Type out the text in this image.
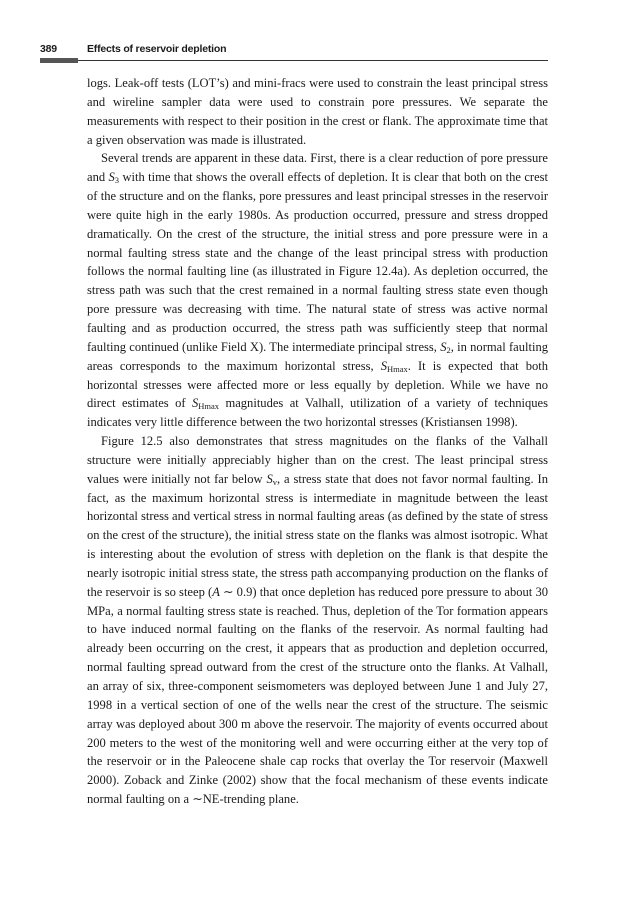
389	Effects of reservoir depletion

logs. Leak-off tests (LOT’s) and mini-fracs were used to constrain the least principal stress and wireline sampler data were used to constrain pore pressures. We separate the measurements with respect to their position in the crest or flank. The approximate time that a given observation was made is illustrated.

Several trends are apparent in these data. First, there is a clear reduction of pore pressure and $S_3$ with time that shows the overall effects of depletion. It is clear that both on the crest of the structure and on the flanks, pore pressures and least principal stresses in the reservoir were quite high in the early 1980s. As production occurred, pressure and stress dropped dramatically. On the crest of the structure, the initial stress and pore pressure were in a normal faulting stress state and the change of the least principal stress with production follows the normal faulting line (as illustrated in Figure 12.4a). As depletion occurred, the stress path was such that the crest remained in a normal faulting stress state even though pore pressure was decreasing with time. The natural state of stress was active normal faulting and as production occurred, the stress path was sufficiently steep that normal faulting continued (unlike Field X). The intermediate principal stress, $S_2$, in normal faulting areas corresponds to the maximum horizontal stress, $S_{Hmax}$. It is expected that both horizontal stresses were affected more or less equally by depletion. While we have no direct estimates of $S_{Hmax}$ magnitudes at Valhall, utilization of a variety of techniques indicates very little difference between the two horizontal stresses (Kristiansen 1998).

Figure 12.5 also demonstrates that stress magnitudes on the flanks of the Valhall structure were initially appreciably higher than on the crest. The least principal stress values were initially not far below $S_v$, a stress state that does not favor normal faulting. In fact, as the maximum horizontal stress is intermediate in magnitude between the least horizontal stress and vertical stress in normal faulting areas (as defined by the state of stress on the crest of the structure), the initial stress state on the flanks was almost isotropic. What is interesting about the evolution of stress with depletion on the flank is that despite the nearly isotropic initial stress state, the stress path accompanying production on the flanks of the reservoir is so steep (A ∼ 0.9) that once depletion has reduced pore pressure to about 30 MPa, a normal faulting stress state is reached. Thus, depletion of the Tor formation appears to have induced normal faulting on the flanks of the reservoir. As normal faulting had already been occurring on the crest, it appears that as production and depletion occurred, normal faulting spread outward from the crest of the structure onto the flanks. At Valhall, an array of six, three-component seismometers was deployed between June 1 and July 27, 1998 in a vertical section of one of the wells near the crest of the structure. The seismic array was deployed about 300 m above the reservoir. The majority of events occurred about 200 meters to the west of the monitoring well and were occurring either at the very top of the reservoir or in the Paleocene shale cap rocks that overlay the Tor reservoir (Maxwell 2000). Zoback and Zinke (2002) show that the focal mechanism of these events indicate normal faulting on a ∼NE-trending plane.
